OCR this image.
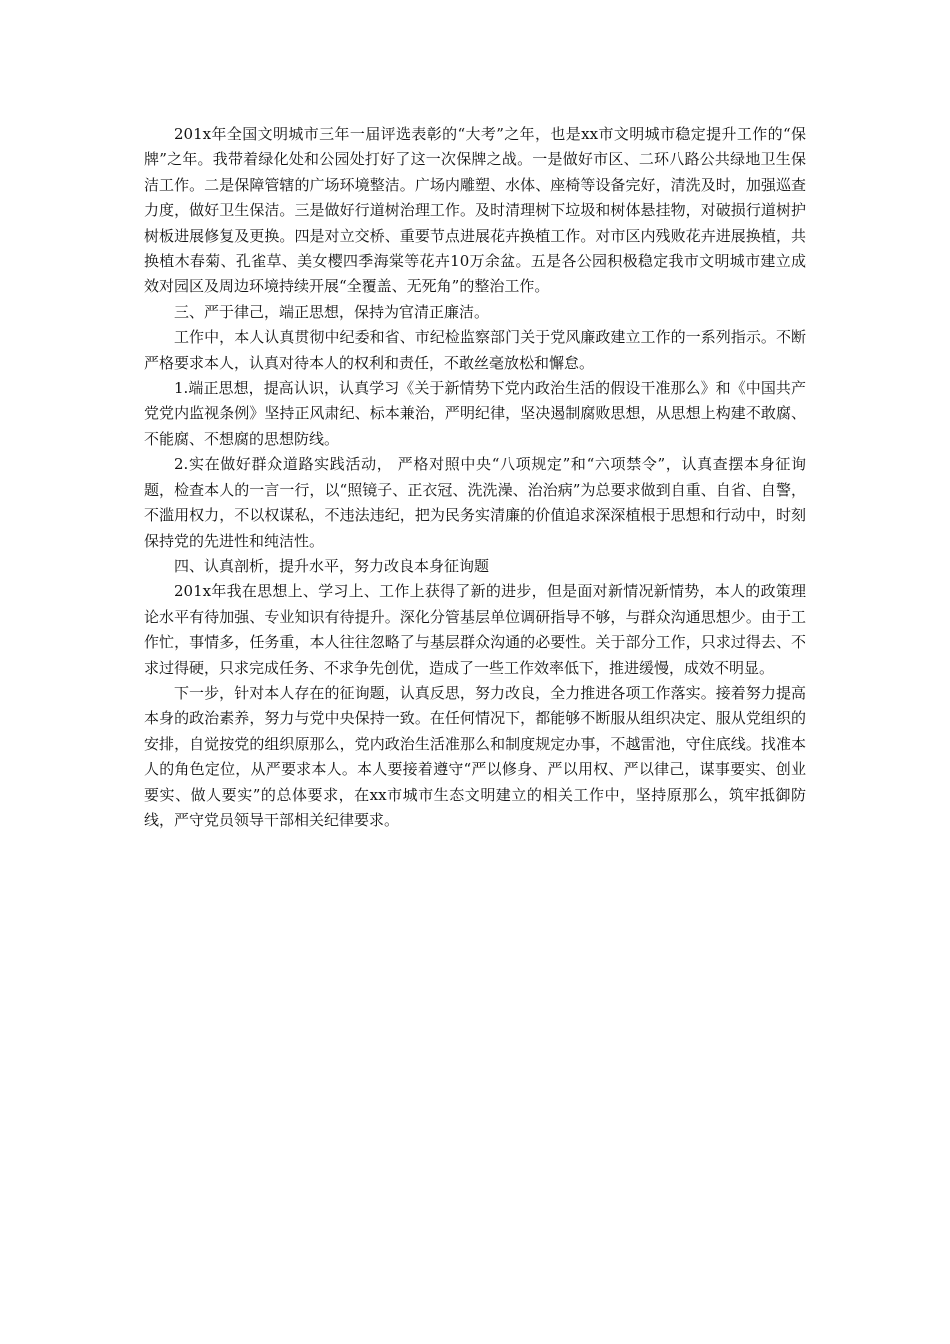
201x年全国文明城市三年一届评选表彰的“大考”之年，也是xx市文明城市稳定提升工作的“保牌”之年。我带着绿化处和公园处打好了这一次保牌之战。一是做好市区、二环八路公共绿地卫生保洁工作。二是保障管辖的广场环境整洁。广场内雕塑、水体、座椅等设备完好，清洗及时，加强巡查力度，做好卫生保洁。三是做好行道树治理工作。及时清理树下垃圾和树体悬挂物，对破损行道树护树板进展修复及更换。四是对立交桥、重要节点进展花卉换植工作。对市区内残败花卉进展换植，共换植木春菊、孔雀草、美女樱四季海棠等花卉10万余盆。五是各公园积极稳定我市文明城市建立成效对园区及周边环境持续开展“全覆盖、无死角”的整治工作。

三、严于律己，端正思想，保持为官清正廉洁。

工作中，本人认真贯彻中纪委和省、市纪检监察部门关于党风廉政建立工作的一系列指示。不断严格要求本人，认真对待本人的权利和责任，不敢丝毫放松和懈怠。

1.端正思想，提高认识，认真学习《关于新情势下党内政治生活的假设干准那么》和《中国共产党党内监视条例》坚持正风肃纪、标本兼治，严明纪律，坚决遏制腐败思想，从思想上构建不敢腐、不能腐、不想腐的思想防线。

2.实在做好群众道路实践活动， 严格对照中央“八项规定”和“六项禁令”，认真查摆本身征询题，检查本人的一言一行，以“照镜子、正衣冠、洗洗澡、治治病”为总要求做到自重、自省、自警，不滥用权力，不以权谋私，不违法违纪，把为民务实清廉的价值追求深深植根于思想和行动中，时刻保持党的先进性和纯洁性。

四、认真剖析，提升水平，努力改良本身征询题

201x年我在思想上、学习上、工作上获得了新的进步，但是面对新情况新情势，本人的政策理论水平有待加强、专业知识有待提升。深化分管基层单位调研指导不够，与群众沟通思想少。由于工作忙，事情多，任务重，本人往往忽略了与基层群众沟通的必要性。关于部分工作，只求过得去、不求过得硬，只求完成任务、不求争先创优，造成了一些工作效率低下，推进缓慢，成效不明显。

下一步，针对本人存在的征询题，认真反思，努力改良，全力推进各项工作落实。接着努力提高本身的政治素养，努力与党中央保持一致。在任何情况下，都能够不断服从组织决定、服从党组织的安排，自觉按党的组织原那么，党内政治生活准那么和制度规定办事，不越雷池，守住底线。找准本人的角色定位，从严要求本人。本人要接着遵守“严以修身、严以用权、严以律己，谋事要实、创业要实、做人要实”的总体要求，在xx市城市生态文明建立的相关工作中，坚持原那么，筑牢抵御防线，严守党员领导干部相关纪律要求。
